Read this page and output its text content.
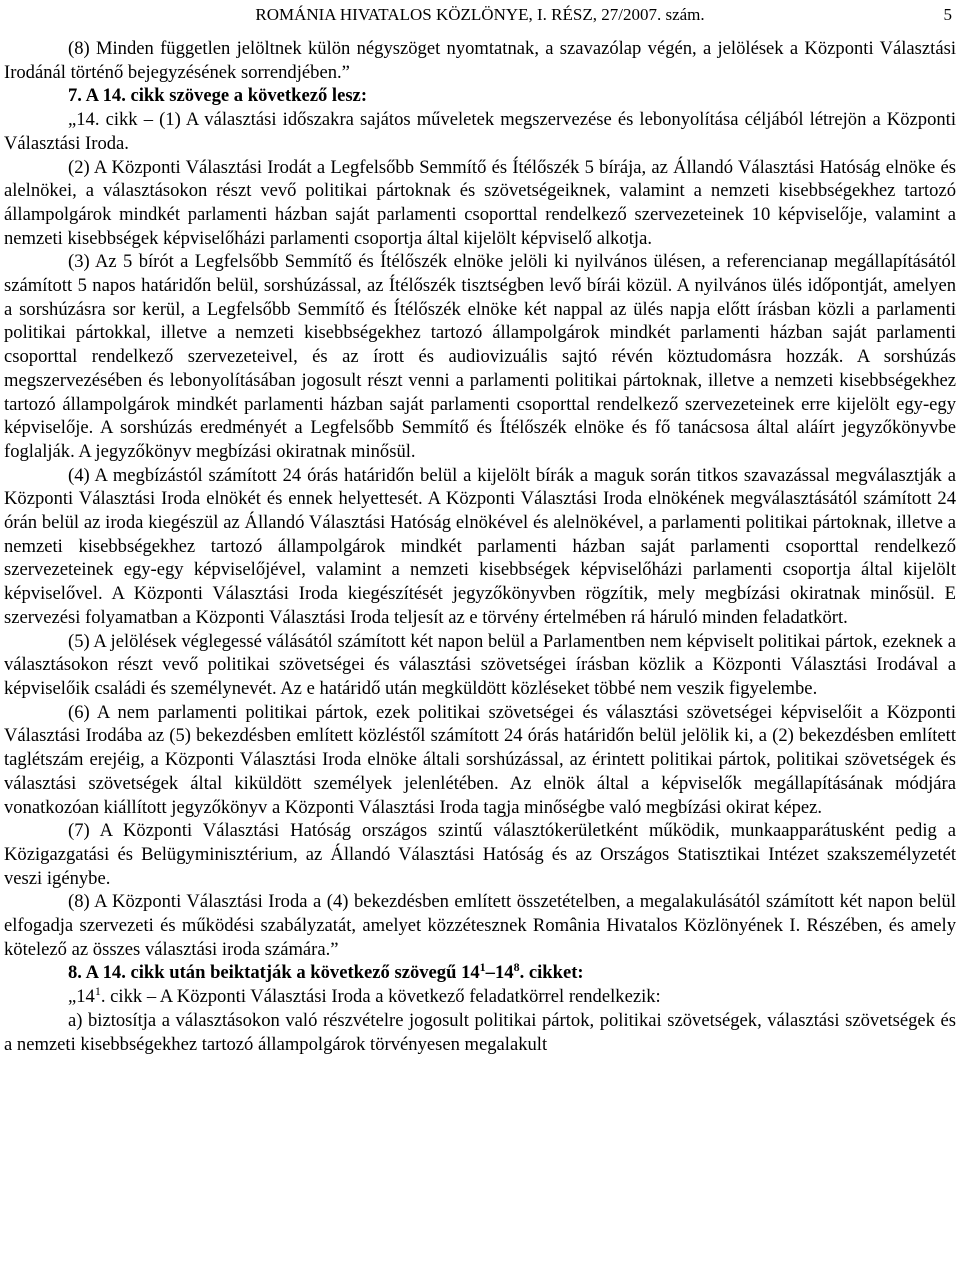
ROMÁNIA HIVATALOS KÖZLÖNYE, I. RÉSZ, 27/2007. szám.	5

(8) Minden független jelöltnek külön négyszöget nyomtatnak, a szavazólap végén, a jelölések a Központi Választási Irodánál történő bejegyzésének sorrendjében.”

7. A 14. cikk szövege a következő lesz:

„14. cikk – (1) A választási időszakra sajátos műveletek megszervezése és lebonyolítása céljából létrejön a Központi Választási Iroda.

(2) A Központi Választási Irodát a Legfelsőbb Semmítő és Ítélőszék 5 bírája, az Állandó Választási Hatóság elnöke és alelnökei, a választásokon részt vevő politikai pártoknak és szövetségeiknek, valamint a nemzeti kisebbségekhez tartozó állampolgárok mindkét parlamenti házban saját parlamenti csoporttal rendelkező szervezeteinek 10 képviselője, valamint a nemzeti kisebbségek képviselőházi parlamenti csoportja által kijelölt képviselő alkotja.

(3) Az 5 bírót a Legfelsőbb Semmítő és Ítélőszék elnöke jelöli ki nyilvános ülésen, a referencianap megállapításától számított 5 napos határidőn belül, sorshúzással, az Ítélőszék tisztségben levő bírái közül. A nyilvános ülés időpontját, amelyen a sorshúzásra sor kerül, a Legfelsőbb Semmítő és Ítélőszék elnöke két nappal az ülés napja előtt írásban közli a parlamenti politikai pártokkal, illetve a nemzeti kisebbségekhez tartozó állampolgárok mindkét parlamenti házban saját parlamenti csoporttal rendelkező szervezeteivel, és az írott és audiovizuális sajtó révén köztudomásra hozzák. A sorshúzás megszervezésében és lebonyolításában jogosult részt venni a parlamenti politikai pártoknak, illetve a nemzeti kisebbségekhez tartozó állampolgárok mindkét parlamenti házban saját parlamenti csoporttal rendelkező szervezeteinek erre kijelölt egy-egy képviselője. A sorshúzás eredményét a Legfelsőbb Semmítő és Ítélőszék elnöke és fő tanácsosa által aláírt jegyzőkönyvbe foglalják. A jegyzőkönyv megbízási okiratnak minősül.

(4) A megbízástól számított 24 órás határidőn belül a kijelölt bírák a maguk során titkos szavazással megválasztják a Központi Választási Iroda elnökét és ennek helyettesét. A Központi Választási Iroda elnökének megválasztásától számított 24 órán belül az iroda kiegészül az Állandó Választási Hatóság elnökével és alelnökével, a parlamenti politikai pártoknak, illetve a nemzeti kisebbségekhez tartozó állampolgárok mindkét parlamenti házban saját parlamenti csoporttal rendelkező szervezeteinek egy-egy képviselőjével, valamint a nemzeti kisebbségek képviselőházi parlamenti csoportja által kijelölt képviselővel. A Központi Választási Iroda kiegészítését jegyzőkönyvben rögzítik, mely megbízási okiratnak minősül. E szervezési folyamatban a Központi Választási Iroda teljesít az e törvény értelmében rá háruló minden feladatkört.

(5) A jelölések véglegessé válásától számított két napon belül a Parlamentben nem képviselt politikai pártok, ezeknek a választásokon részt vevő politikai szövetségei és választási szövetségei írásban közlik a Központi Választási Irodával a képviselőik családi és személynevét. Az e határidő után megküldött közléseket többé nem veszik figyelembe.

(6) A nem parlamenti politikai pártok, ezek politikai szövetségei és választási szövetségei képviselőit a Központi Választási Irodába az (5) bekezdésben említett közléstől számított 24 órás határidőn belül jelölik ki, a (2) bekezdésben említett taglétszám erejéig, a Központi Választási Iroda elnöke általi sorshúzással, az érintett politikai pártok, politikai szövetségek és választási szövetségek által kiküldött személyek jelenlétében. Az elnök által a képviselők megállapításának módjára vonatkozóan kiállított jegyzőkönyv a Központi Választási Iroda tagja minőségbe való megbízási okirat képez.

(7) A Központi Választási Hatóság országos szintű választókerületként működik, munkaapparátusként pedig a Közigazgatási és Belügyminisztérium, az Állandó Választási Hatóság és az Országos Statisztikai Intézet szakszemélyzetét veszi igénybe.

(8) A Központi Választási Iroda a (4) bekezdésben említett összetételben, a megalakulásától számított két napon belül elfogadja szervezeti és működési szabályzatát, amelyet közzétesznek România Hivatalos Közlönyének I. Részében, és amely kötelező az összes választási iroda számára.”

8. A 14. cikk után beiktatják a következő szövegű $14^1-14^8$. cikket:

$„14^1$. cikk – A Központi Választási Iroda a következő feladatkörrel rendelkezik:

a) biztosítja a választásokon való részvételre jogosult politikai pártok, politikai szövetségek, választási szövetségek és a nemzeti kisebbségekhez tartozó állampolgárok törvényesen megalakult
